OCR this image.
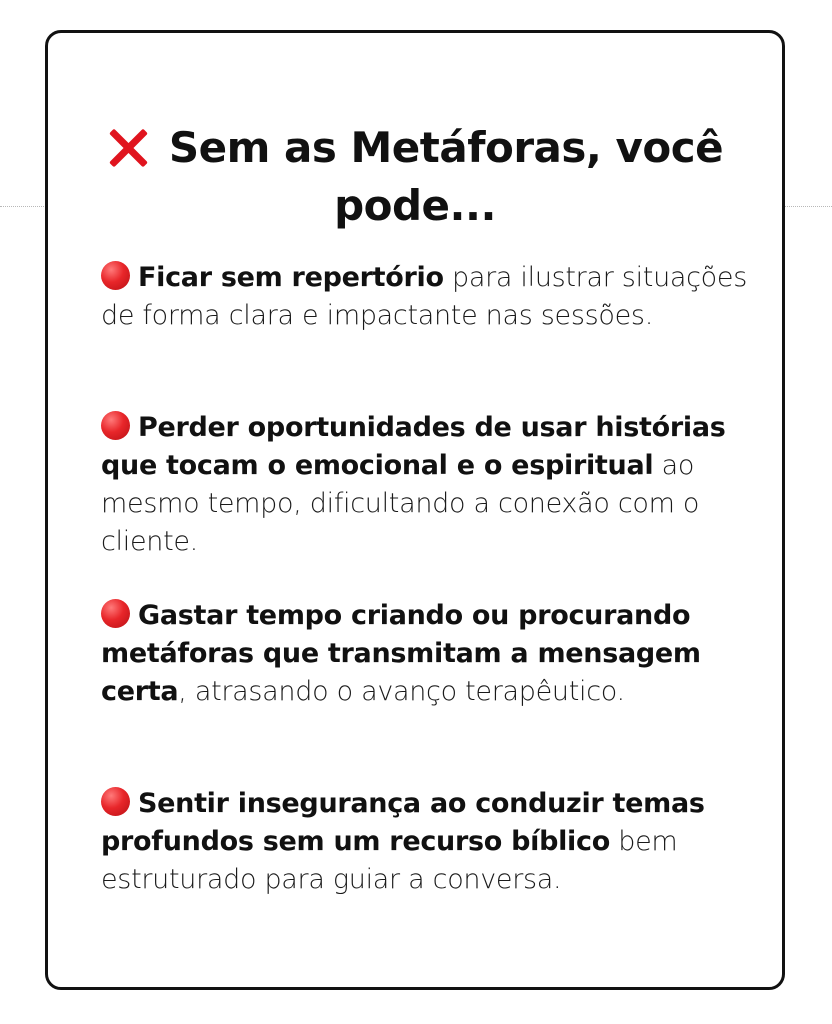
Sem as Metáforas, você
pode...
Ficar sem repertório para ilustrar situações de forma clara e impactante nas sessões.
Perder oportunidades de usar histórias que tocam o emocional e o espiritual ao mesmo tempo, dificultando a conexão com o cliente.
Gastar tempo criando ou procurando metáforas que transmitam a mensagem certa, atrasando o avanço terapêutico.
Sentir insegurança ao conduzir temas profundos sem um recurso bíblico bem estruturado para guiar a conversa.
